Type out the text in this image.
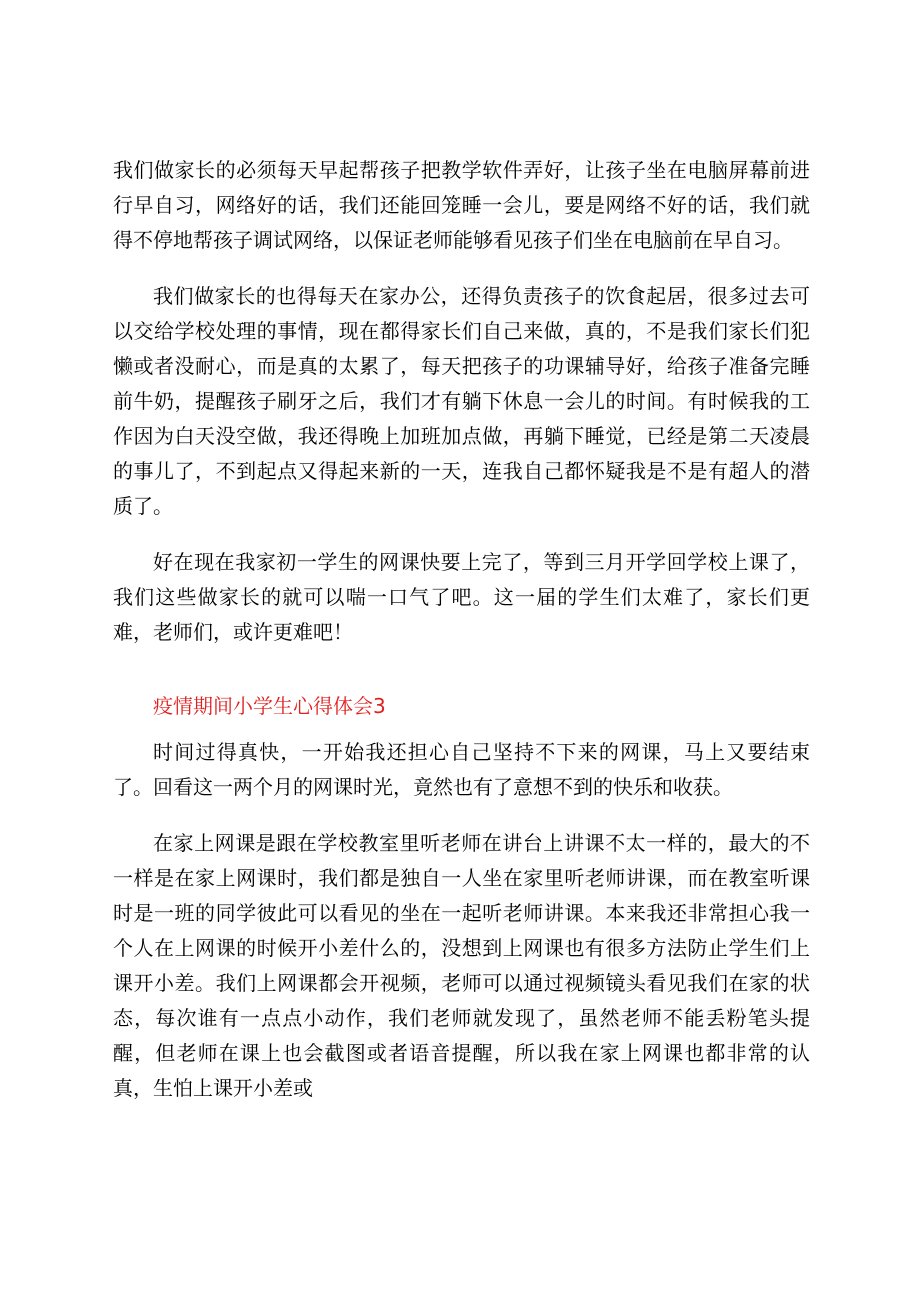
我们做家长的必须每天早起帮孩子把教学软件弄好，让孩子坐在电脑屏幕前进行早自习，网络好的话，我们还能回笼睡一会儿，要是网络不好的话，我们就得不停地帮孩子调试网络，以保证老师能够看见孩子们坐在电脑前在早自习。

我们做家长的也得每天在家办公，还得负责孩子的饮食起居，很多过去可以交给学校处理的事情，现在都得家长们自己来做，真的，不是我们家长们犯懒或者没耐心，而是真的太累了，每天把孩子的功课辅导好，给孩子准备完睡前牛奶，提醒孩子刷牙之后，我们才有躺下休息一会儿的时间。有时候我的工作因为白天没空做，我还得晚上加班加点做，再躺下睡觉，已经是第二天凌晨的事儿了，不到起点又得起来新的一天，连我自己都怀疑我是不是有超人的潜质了。

好在现在我家初一学生的网课快要上完了，等到三月开学回学校上课了，我们这些做家长的就可以喘一口气了吧。这一届的学生们太难了，家长们更难，老师们，或许更难吧！

疫情期间小学生心得体会3

时间过得真快，一开始我还担心自己坚持不下来的网课，马上又要结束了。回看这一两个月的网课时光，竟然也有了意想不到的快乐和收获。

在家上网课是跟在学校教室里听老师在讲台上讲课不太一样的，最大的不一样是在家上网课时，我们都是独自一人坐在家里听老师讲课，而在教室听课时是一班的同学彼此可以看见的坐在一起听老师讲课。本来我还非常担心我一个人在上网课的时候开小差什么的，没想到上网课也有很多方法防止学生们上课开小差。我们上网课都会开视频，老师可以通过视频镜头看见我们在家的状态，每次谁有一点点小动作，我们老师就发现了，虽然老师不能丢粉笔头提醒，但老师在课上也会截图或者语音提醒，所以我在家上网课也都非常的认真，生怕上课开小差或
